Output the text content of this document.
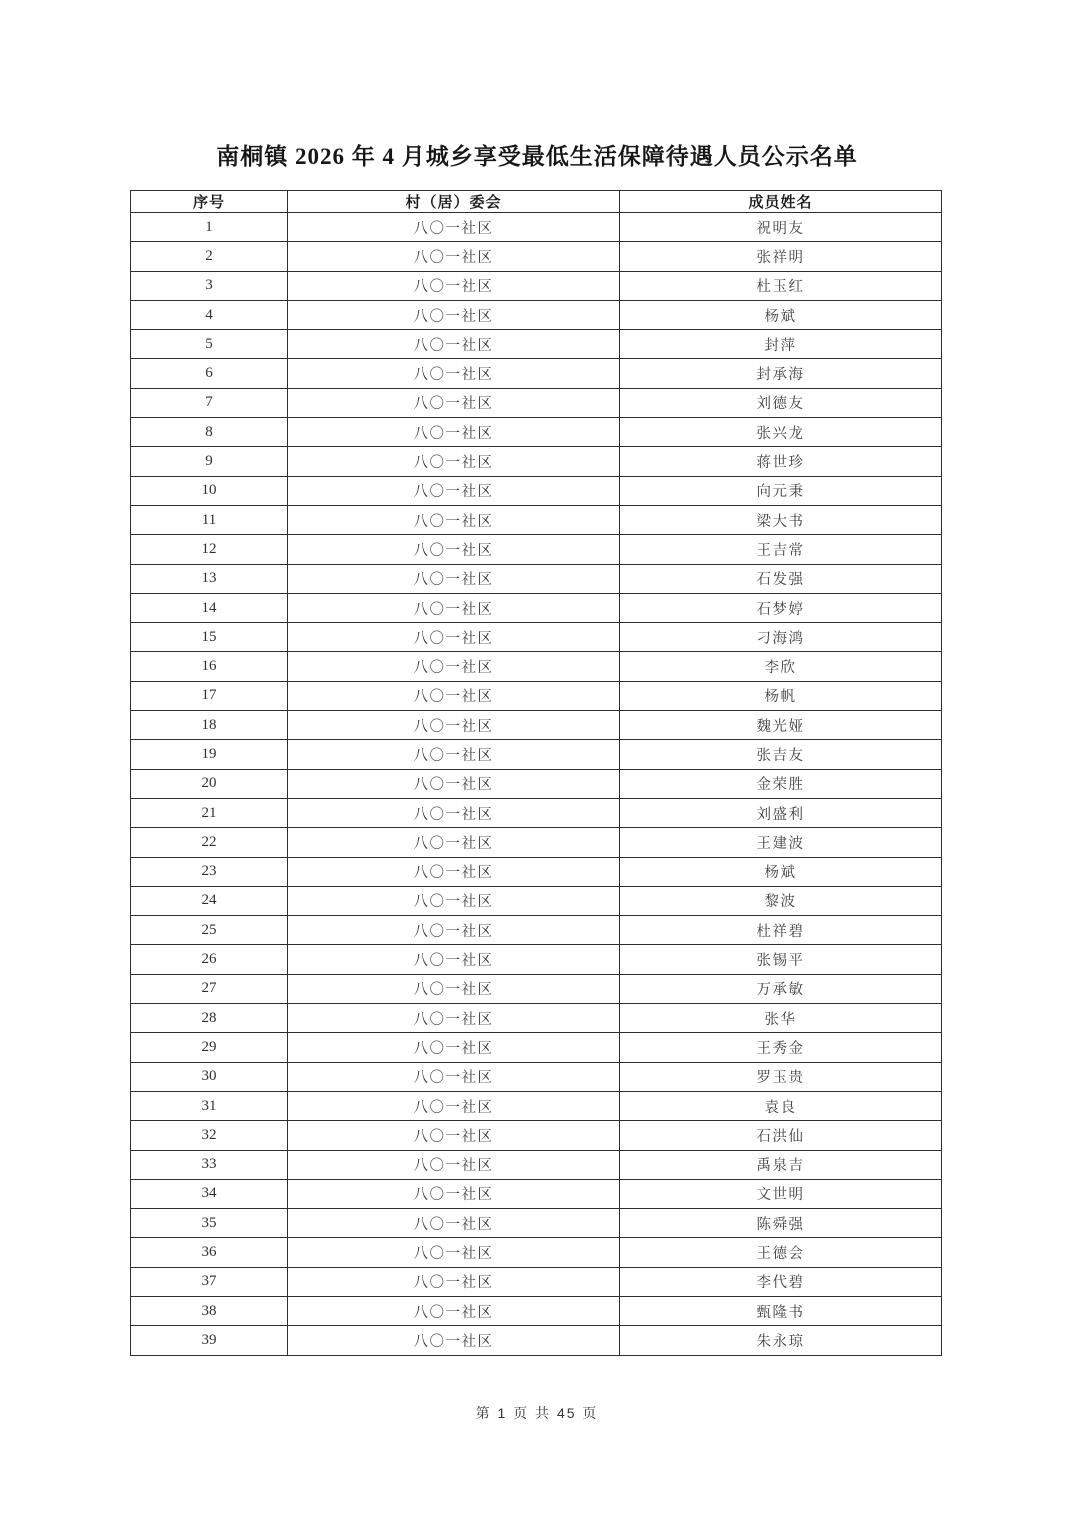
南桐镇 2026 年 4 月城乡享受最低生活保障待遇人员公示名单
序号	村（居）委会	成员姓名
1	八〇一社区	祝明友
2	八〇一社区	张祥明
3	八〇一社区	杜玉红
4	八〇一社区	杨斌
5	八〇一社区	封萍
6	八〇一社区	封承海
7	八〇一社区	刘德友
8	八〇一社区	张兴龙
9	八〇一社区	蒋世珍
10	八〇一社区	向元秉
11	八〇一社区	梁大书
12	八〇一社区	王吉常
13	八〇一社区	石发强
14	八〇一社区	石梦婷
15	八〇一社区	刁海鸿
16	八〇一社区	李欣
17	八〇一社区	杨帆
18	八〇一社区	魏光娅
19	八〇一社区	张吉友
20	八〇一社区	金荣胜
21	八〇一社区	刘盛利
22	八〇一社区	王建波
23	八〇一社区	杨斌
24	八〇一社区	黎波
25	八〇一社区	杜祥碧
26	八〇一社区	张锡平
27	八〇一社区	万承敏
28	八〇一社区	张华
29	八〇一社区	王秀金
30	八〇一社区	罗玉贵
31	八〇一社区	袁良
32	八〇一社区	石洪仙
33	八〇一社区	禹泉吉
34	八〇一社区	文世明
35	八〇一社区	陈舜强
36	八〇一社区	王德会
37	八〇一社区	李代碧
38	八〇一社区	甄隆书
39	八〇一社区	朱永琼
第 1 页 共 45 页
